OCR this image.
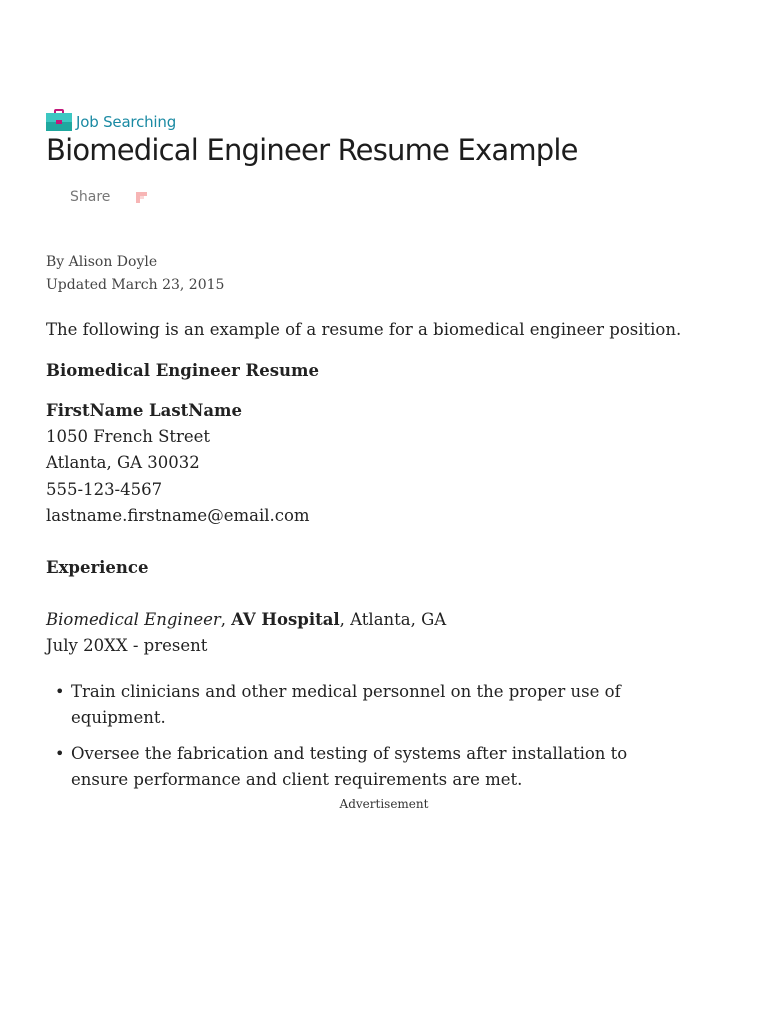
Job Searching
Biomedical Engineer Resume Example
Share
By Alison Doyle
Updated March 23, 2015

The following is an example of a resume for a biomedical engineer position.

Biomedical Engineer Resume

FirstName LastName
1050 French Street
Atlanta, GA 30032
555-123-4567
lastname.firstname@email.com

Experience

Biomedical Engineer, AV Hospital, Atlanta, GA
July 20XX - present
• Train clinicians and other medical personnel on the proper use of equipment.
• Oversee the fabrication and testing of systems after installation to ensure performance and client requirements are met.
Advertisement
